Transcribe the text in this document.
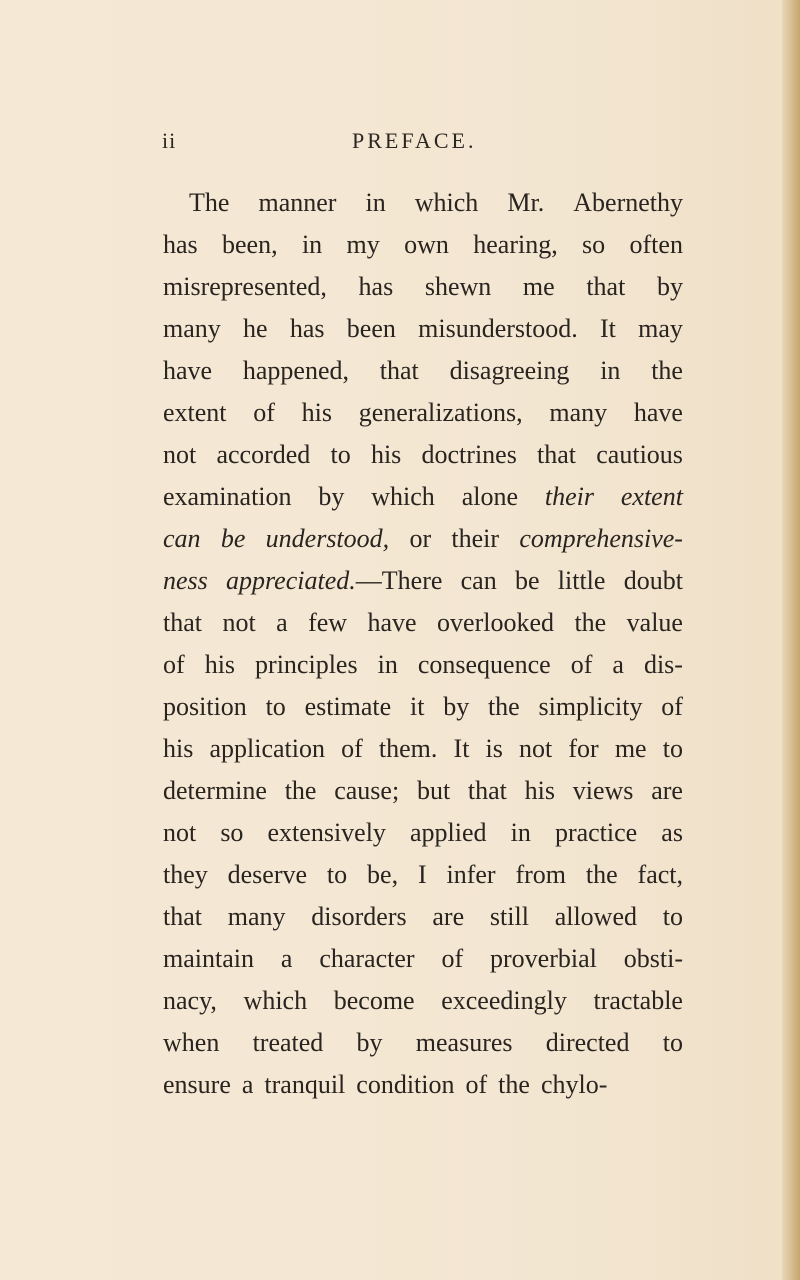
ii	PREFACE.
The manner in which Mr. Abernethy
has been, in my own hearing, so often
misrepresented, has shewn me that by
many he has been misunderstood. It may
have happened, that disagreeing in the
extent of his generalizations, many have
not accorded to his doctrines that cautious
examination by which alone their extent
can be understood, or their comprehensive-
ness appreciated.—There can be little doubt
that not a few have overlooked the value
of his principles in consequence of a dis-
position to estimate it by the simplicity of
his application of them. It is not for me to
determine the cause; but that his views are
not so extensively applied in practice as
they deserve to be, I infer from the fact,
that many disorders are still allowed to
maintain a character of proverbial obsti-
nacy, which become exceedingly tractable
when treated by measures directed to
ensure a tranquil condition of the chylo-
